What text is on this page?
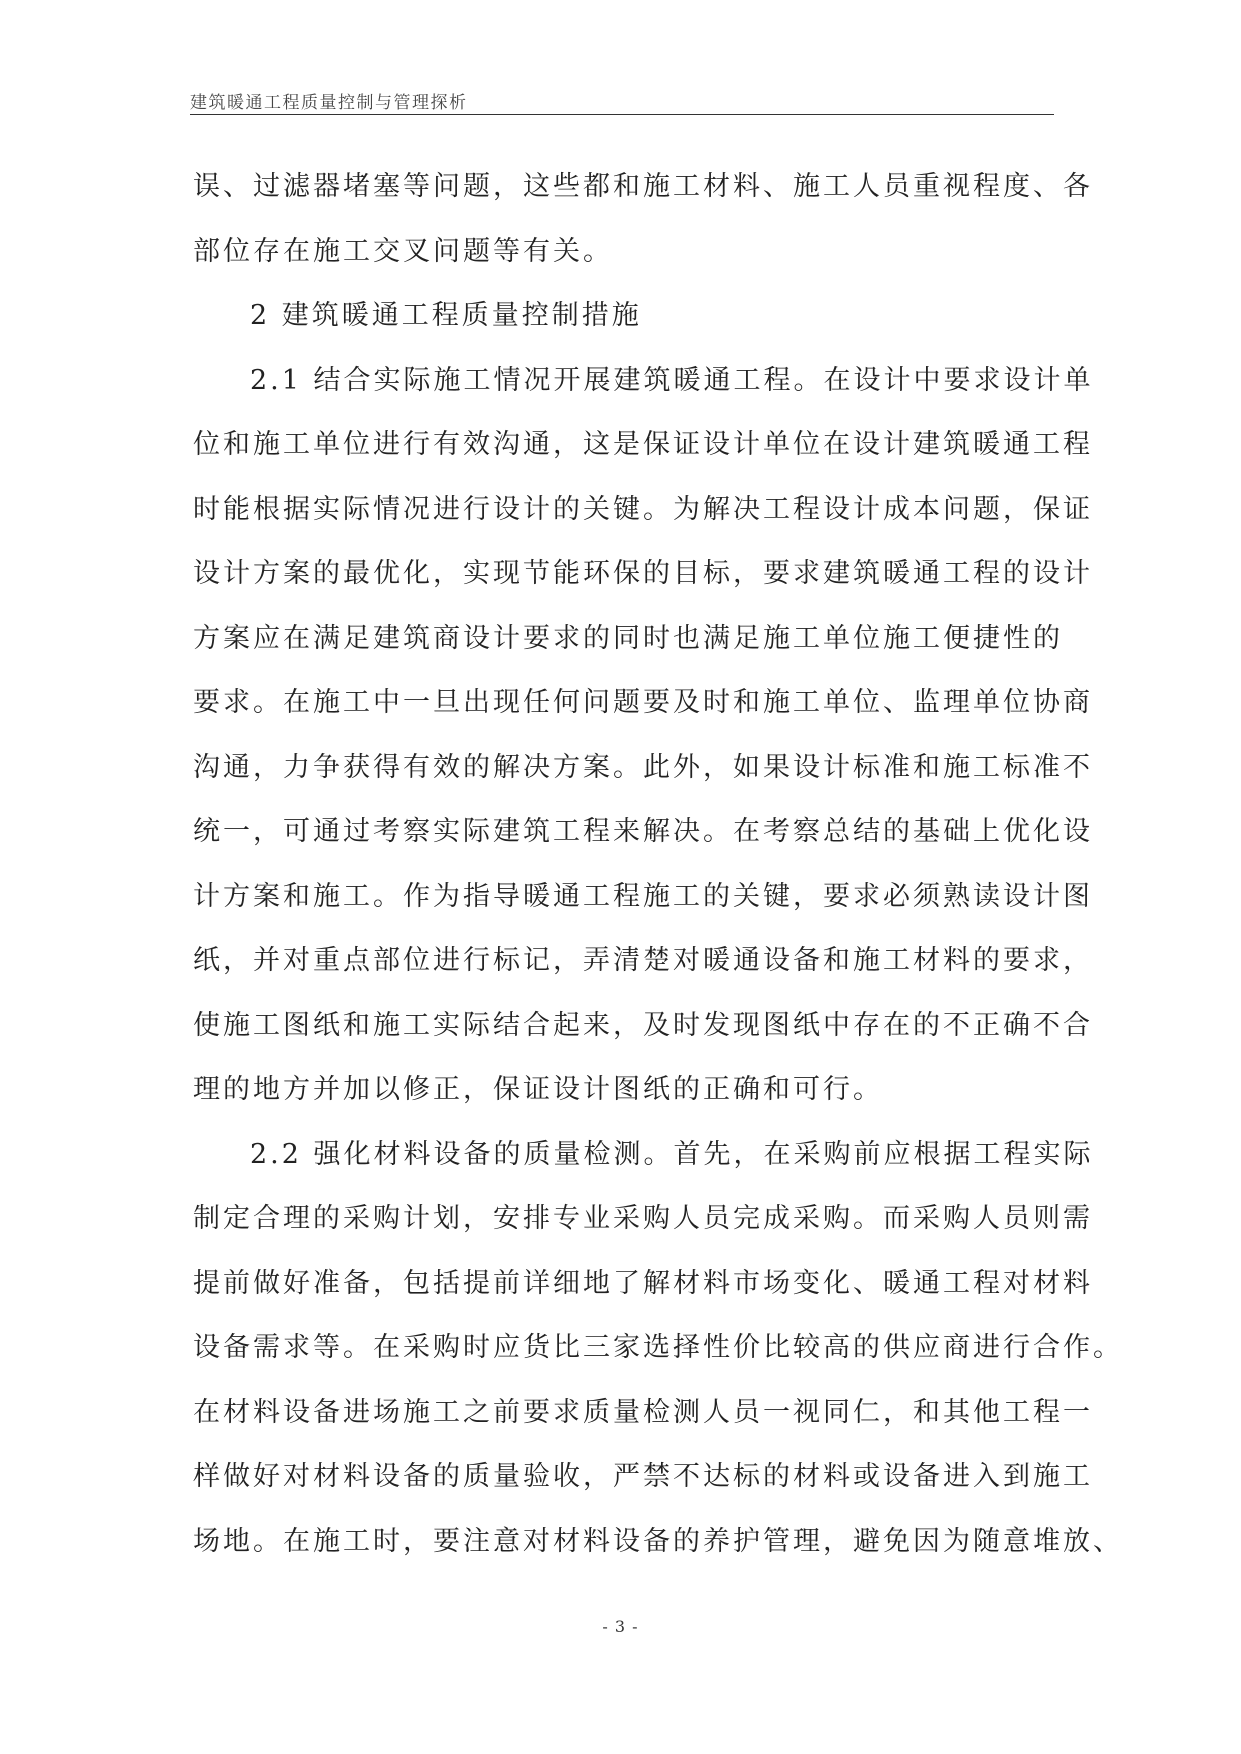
建筑暖通工程质量控制与管理探析
误、过滤器堵塞等问题，这些都和施工材料、施工人员重视程度、各
部位存在施工交叉问题等有关。
2 建筑暖通工程质量控制措施
2.1 结合实际施工情况开展建筑暖通工程。在设计中要求设计单
位和施工单位进行有效沟通，这是保证设计单位在设计建筑暖通工程
时能根据实际情况进行设计的关键。为解决工程设计成本问题，保证
设计方案的最优化，实现节能环保的目标，要求建筑暖通工程的设计
方案应在满足建筑商设计要求的同时也满足施工单位施工便捷性的
要求。在施工中一旦出现任何问题要及时和施工单位、监理单位协商
沟通，力争获得有效的解决方案。此外，如果设计标准和施工标准不
统一，可通过考察实际建筑工程来解决。在考察总结的基础上优化设
计方案和施工。作为指导暖通工程施工的关键，要求必须熟读设计图
纸，并对重点部位进行标记，弄清楚对暖通设备和施工材料的要求，
使施工图纸和施工实际结合起来，及时发现图纸中存在的不正确不合
理的地方并加以修正，保证设计图纸的正确和可行。
2.2 强化材料设备的质量检测。首先，在采购前应根据工程实际
制定合理的采购计划，安排专业采购人员完成采购。而采购人员则需
提前做好准备，包括提前详细地了解材料市场变化、暖通工程对材料
设备需求等。在采购时应货比三家选择性价比较高的供应商进行合作。
在材料设备进场施工之前要求质量检测人员一视同仁，和其他工程一
样做好对材料设备的质量验收，严禁不达标的材料或设备进入到施工
场地。在施工时，要注意对材料设备的养护管理，避免因为随意堆放、
- 3 -
